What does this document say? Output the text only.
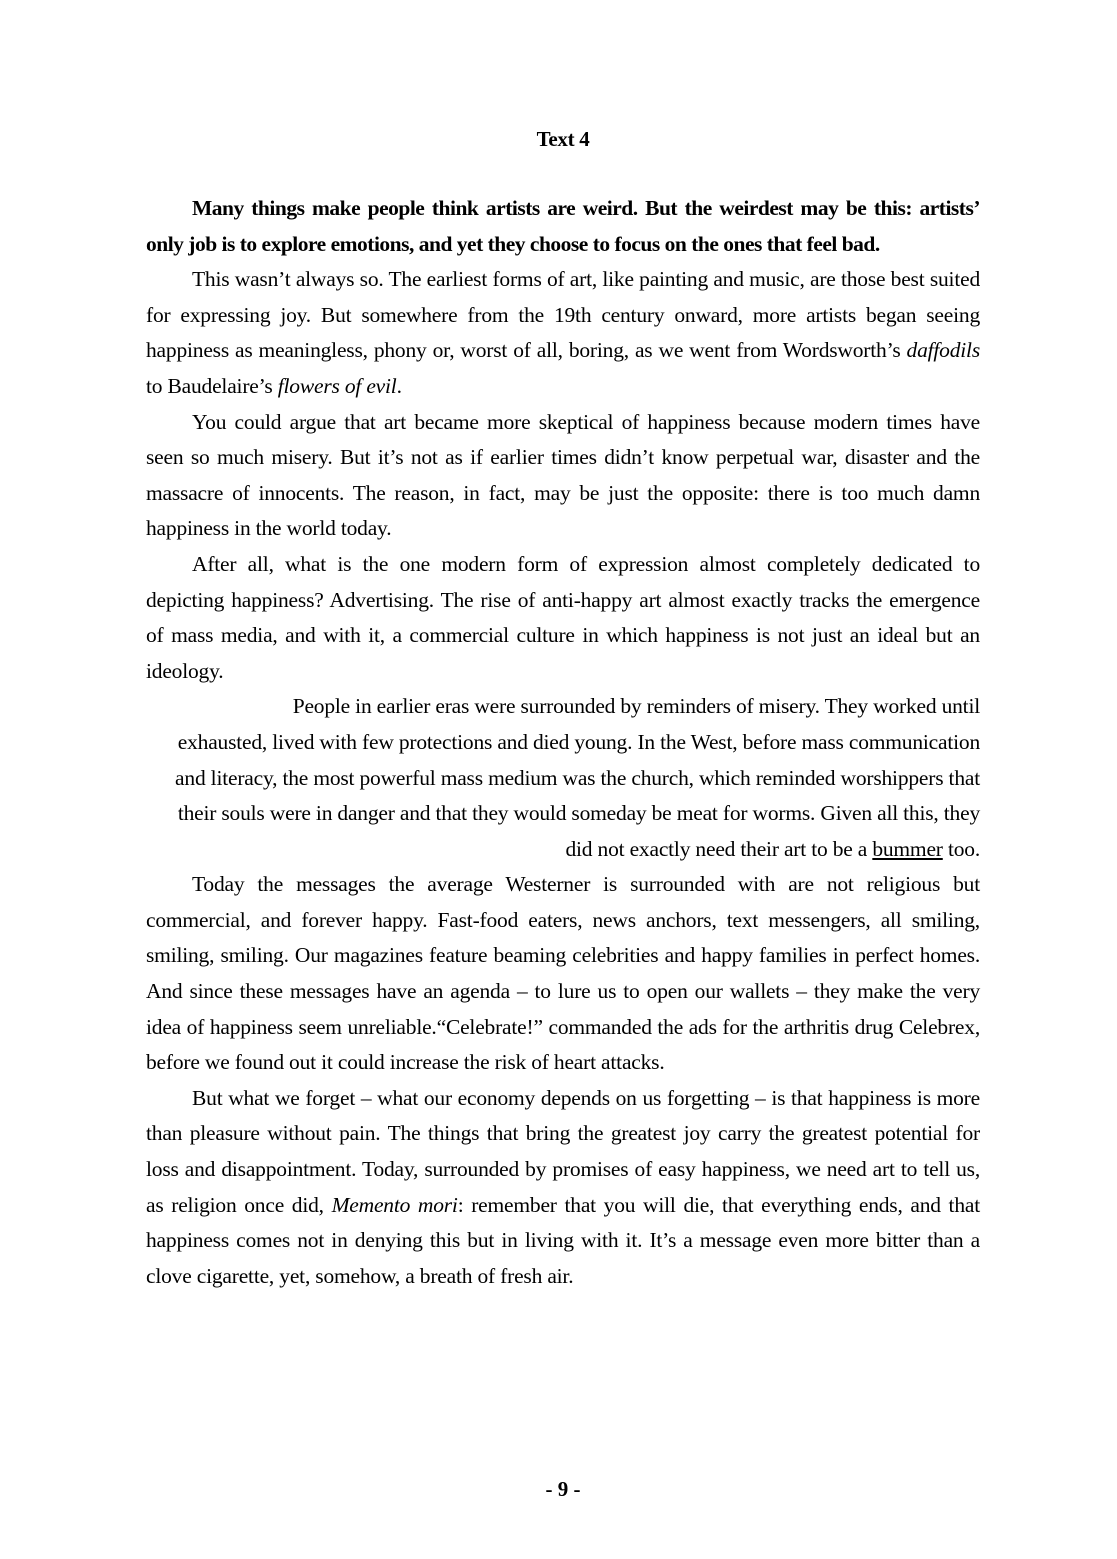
Text 4

Many things make people think artists are weird. But the weirdest may be this: artists’ only job is to explore emotions, and yet they choose to focus on the ones that feel bad.

This wasn’t always so. The earliest forms of art, like painting and music, are those best suited for expressing joy. But somewhere from the 19th century onward, more artists began seeing happiness as meaningless, phony or, worst of all, boring, as we went from Wordsworth’s daffodils to Baudelaire’s flowers of evil.

You could argue that art became more skeptical of happiness because modern times have seen so much misery. But it’s not as if earlier times didn’t know perpetual war, disaster and the massacre of innocents. The reason, in fact, may be just the opposite: there is too much damn happiness in the world today.

After all, what is the one modern form of expression almost completely dedicated to depicting happiness? Advertising. The rise of anti-happy art almost exactly tracks the emergence of mass media, and with it, a commercial culture in which happiness is not just an ideal but an ideology.

People in earlier eras were surrounded by reminders of misery. They worked until exhausted, lived with few protections and died young. In the West, before mass communication and literacy, the most powerful mass medium was the church, which reminded worshippers that their souls were in danger and that they would someday be meat for worms. Given all this, they did not exactly need their art to be a bummer too.

Today the messages the average Westerner is surrounded with are not religious but commercial, and forever happy. Fast-food eaters, news anchors, text messengers, all smiling, smiling, smiling. Our magazines feature beaming celebrities and happy families in perfect homes. And since these messages have an agenda – to lure us to open our wallets – they make the very idea of happiness seem unreliable.“Celebrate!” commanded the ads for the arthritis drug Celebrex, before we found out it could increase the risk of heart attacks.

But what we forget – what our economy depends on us forgetting – is that happiness is more than pleasure without pain. The things that bring the greatest joy carry the greatest potential for loss and disappointment. Today, surrounded by promises of easy happiness, we need art to tell us, as religion once did, Memento mori: remember that you will die, that everything ends, and that happiness comes not in denying this but in living with it. It’s a message even more bitter than a clove cigarette, yet, somehow, a breath of fresh air.

- 9 -
